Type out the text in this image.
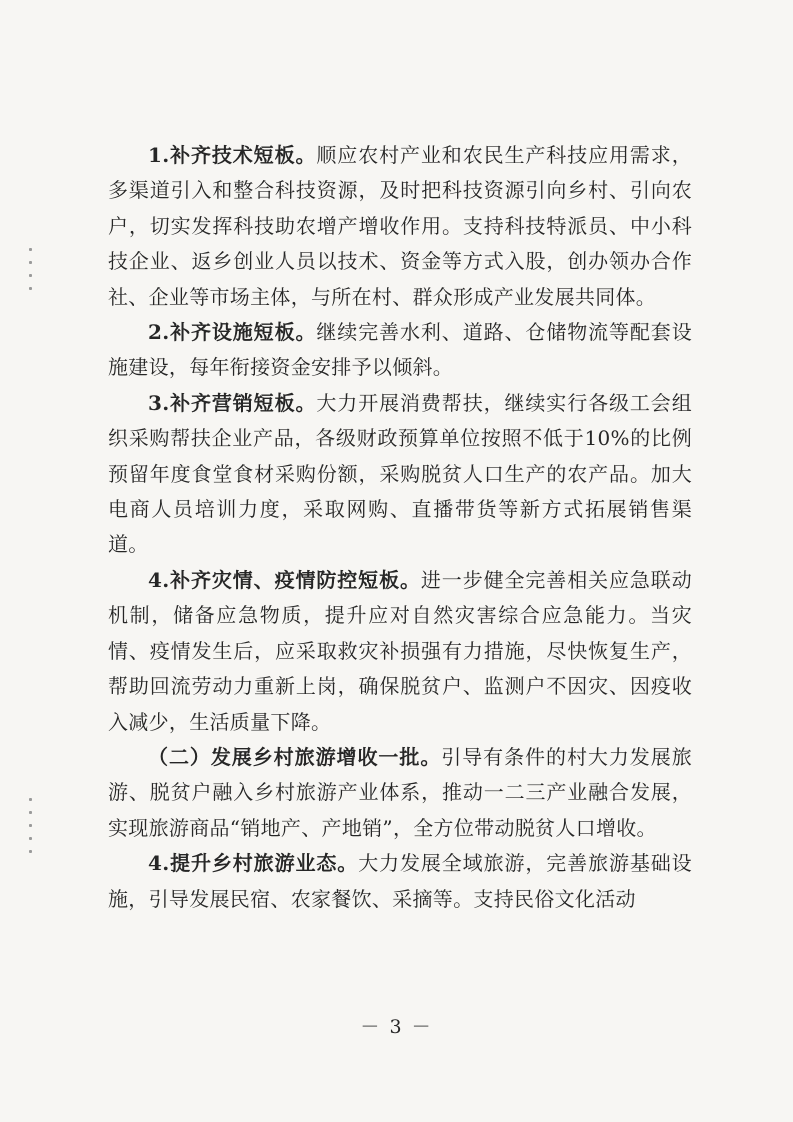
1.补齐技术短板。顺应农村产业和农民生产科技应用需求，多渠道引入和整合科技资源，及时把科技资源引向乡村、引向农户，切实发挥科技助农增产增收作用。支持科技特派员、中小科技企业、返乡创业人员以技术、资金等方式入股，创办领办合作社、企业等市场主体，与所在村、群众形成产业发展共同体。

2.补齐设施短板。继续完善水利、道路、仓储物流等配套设施建设，每年衔接资金安排予以倾斜。

3.补齐营销短板。大力开展消费帮扶，继续实行各级工会组织采购帮扶企业产品，各级财政预算单位按照不低于10%的比例预留年度食堂食材采购份额，采购脱贫人口生产的农产品。加大电商人员培训力度，采取网购、直播带货等新方式拓展销售渠道。

4.补齐灾情、疫情防控短板。进一步健全完善相关应急联动机制，储备应急物质，提升应对自然灾害综合应急能力。当灾情、疫情发生后，应采取救灾补损强有力措施，尽快恢复生产，帮助回流劳动力重新上岗，确保脱贫户、监测户不因灾、因疫收入减少，生活质量下降。

（二）发展乡村旅游增收一批。引导有条件的村大力发展旅游、脱贫户融入乡村旅游产业体系，推动一二三产业融合发展，实现旅游商品“销地产、产地销”，全方位带动脱贫人口增收。

4.提升乡村旅游业态。大力发展全域旅游，完善旅游基础设施，引导发展民宿、农家餐饮、采摘等。支持民俗文化活动

－ 3 －
